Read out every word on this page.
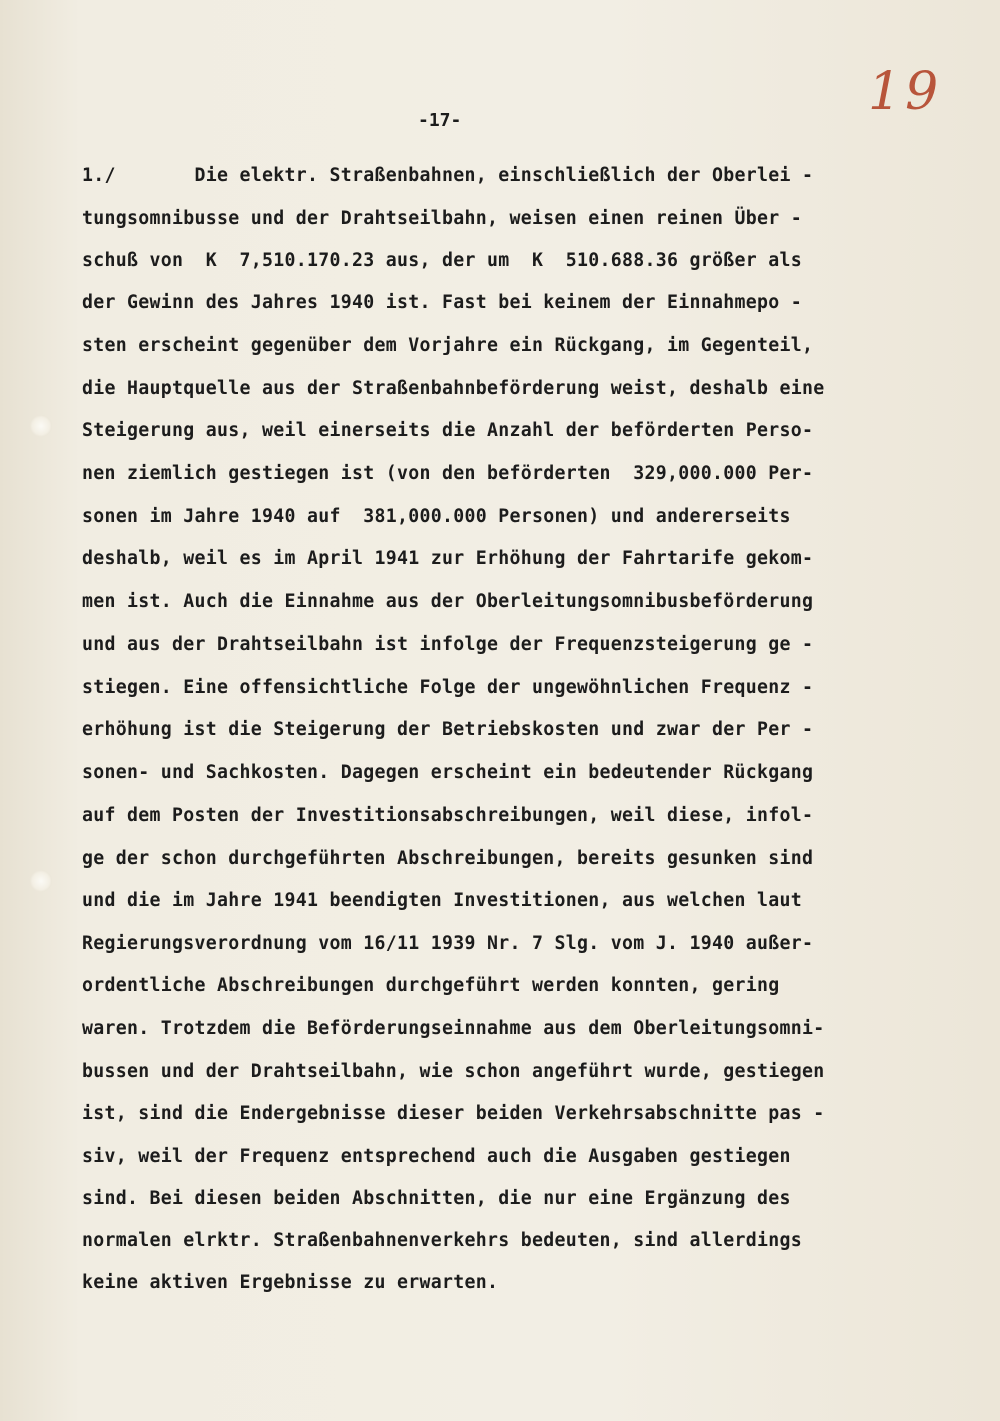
19
-17-
1./       Die elektr. Straßenbahnen, einschließlich der Oberlei -
tungsomnibusse und der Drahtseilbahn, weisen einen reinen Über -
schuß von  K  7,510.170.23 aus, der um  K  510.688.36 größer als
der Gewinn des Jahres 1940 ist. Fast bei keinem der Einnahmepo -
sten erscheint gegenüber dem Vorjahre ein Rückgang, im Gegenteil,
die Hauptquelle aus der Straßenbahnbeförderung weist, deshalb eine
Steigerung aus, weil einerseits die Anzahl der beförderten Perso-
nen ziemlich gestiegen ist (von den beförderten  329,000.000 Per-
sonen im Jahre 1940 auf  381,000.000 Personen) und andererseits
deshalb, weil es im April 1941 zur Erhöhung der Fahrtarife gekom-
men ist. Auch die Einnahme aus der Oberleitungsomnibusbeförderung
und aus der Drahtseilbahn ist infolge der Frequenzsteigerung ge -
stiegen. Eine offensichtliche Folge der ungewöhnlichen Frequenz -
erhöhung ist die Steigerung der Betriebskosten und zwar der Per -
sonen- und Sachkosten. Dagegen erscheint ein bedeutender Rückgang
auf dem Posten der Investitionsabschreibungen, weil diese, infol-
ge der schon durchgeführten Abschreibungen, bereits gesunken sind
und die im Jahre 1941 beendigten Investitionen, aus welchen laut
Regierungsverordnung vom 16/11 1939 Nr. 7 Slg. vom J. 1940 außer-
ordentliche Abschreibungen durchgeführt werden konnten, gering
waren. Trotzdem die Beförderungseinnahme aus dem Oberleitungsomni-
bussen und der Drahtseilbahn, wie schon angeführt wurde, gestiegen
ist, sind die Endergebnisse dieser beiden Verkehrsabschnitte pas -
siv, weil der Frequenz entsprechend auch die Ausgaben gestiegen
sind. Bei diesen beiden Abschnitten, die nur eine Ergänzung des
normalen elrktr. Straßenbahnenverkehrs bedeuten, sind allerdings
keine aktiven Ergebnisse zu erwarten.
